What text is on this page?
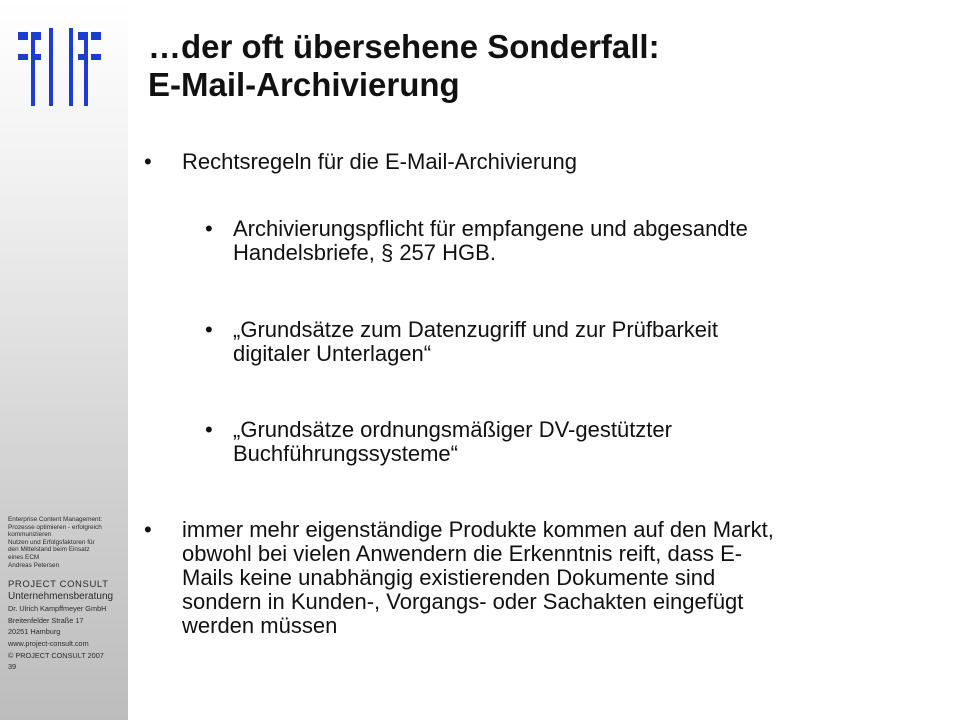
Enterprise Content Management:
Prozesse optimieren - erfolgreich
kommunizieren
Nutzen und Erfolgsfaktoren für
den Mittelstand beim Einsatz
eines ECM
Andreas Petersen
PROJECT CONSULT
Unternehmensberatung
Dr. Ulrich Kampffmeyer GmbH
Breitenfelder Straße 17
20251 Hamburg
www.project-consult.com
© PROJECT CONSULT 2007
39
…der oft übersehene Sonderfall:
E-Mail-Archivierung
• Rechtsregeln für die E-Mail-Archivierung
• Archivierungspflicht für empfangene und abgesandte
Handelsbriefe, § 257 HGB.
• „Grundsätze zum Datenzugriff und zur Prüfbarkeit
digitaler Unterlagen“
• „Grundsätze ordnungsmäßiger DV-gestützter
Buchführungssysteme“
• immer mehr eigenständige Produkte kommen auf den Markt,
obwohl bei vielen Anwendern die Erkenntnis reift, dass E-
Mails keine unabhängig existierenden Dokumente sind
sondern in Kunden-, Vorgangs- oder Sachakten eingefügt
werden müssen
